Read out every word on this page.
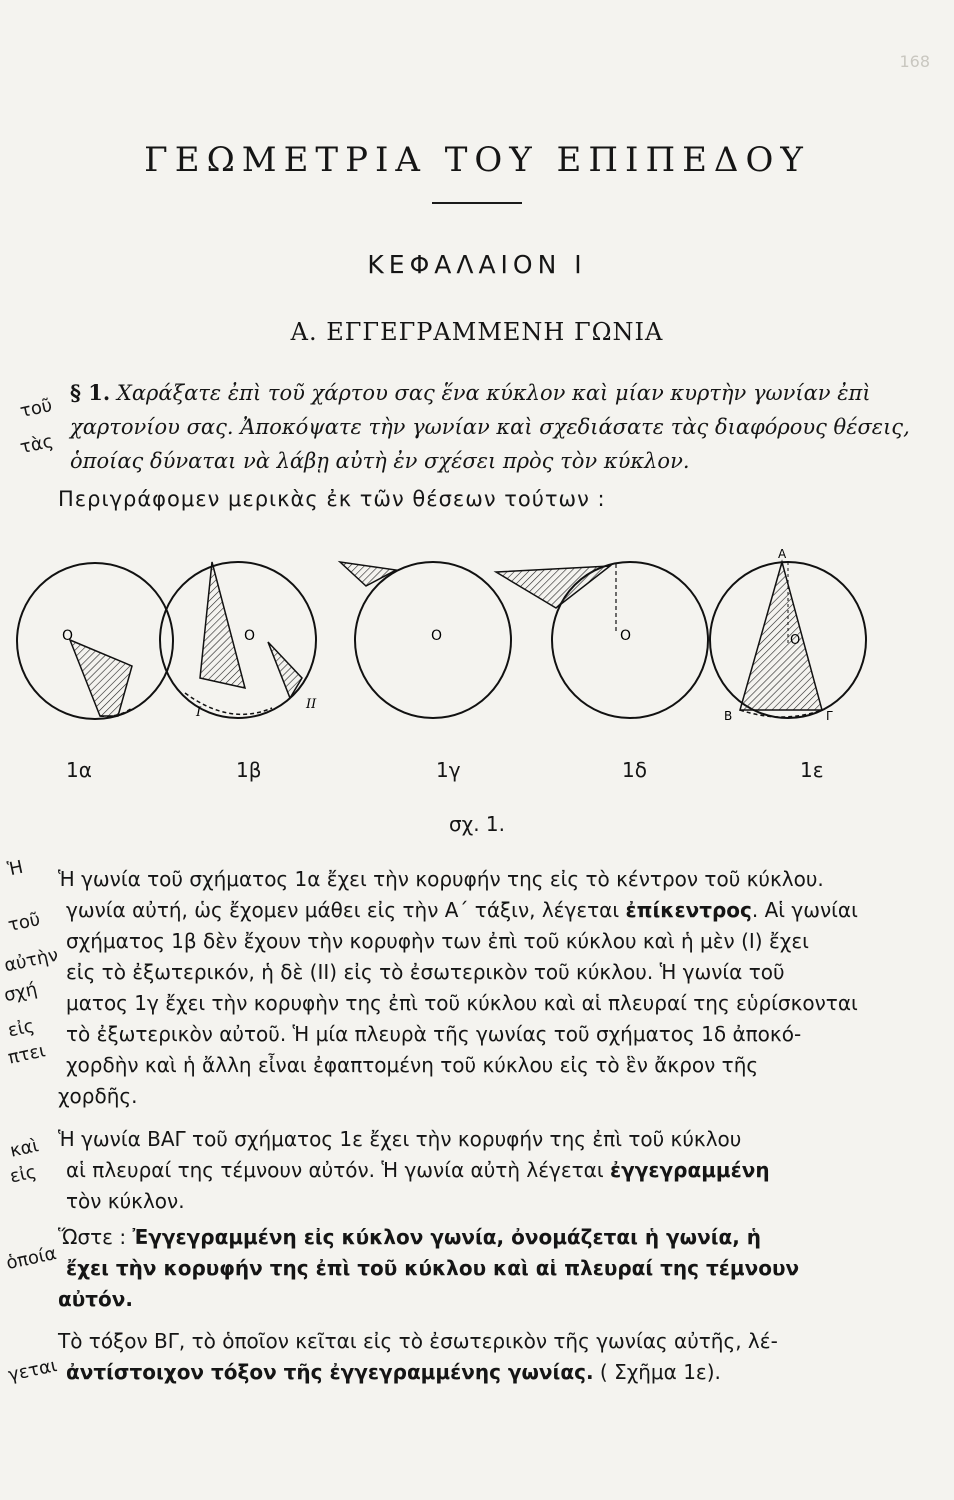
168
ΓΕΩΜΕΤΡΙΑ ΤΟΥ ΕΠΙΠΕΔΟΥ
ΚΕΦΑΛΑΙΟΝ Ι
Α. ΕΓΓΕΓΡΑΜΜΕΝΗ ΓΩΝΙΑ
§ 1. Χαράξατε ἐπὶ τοῦ χάρτου σας ἕνα κύκλον καὶ μίαν κυρτὴν γωνίαν ἐπὶ
χαρτονίου σας. Ἀποκόψατε τὴν γωνίαν καὶ σχεδιάσατε τὰς διαφόρους θέσεις,
ὁποίας δύναται νὰ λάβῃ αὐτὴ ἐν σχέσει πρὸς τὸν κύκλον.
τοῦ
τὰς
Περιγράφομεν μερικὰς ἐκ τῶν θέσεων τούτων :
Ο	Ο
Ι
ΙΙ
Ο	Ο
Α
Ο
Β	Γ
1α	1β	1γ	1δ	1ε
σχ. 1.
Ἡ γωνία τοῦ σχήματος 1α ἔχει τὴν κορυφήν της εἰς τὸ κέντρον τοῦ κύκλου.
γωνία αὐτή, ὡς ἔχομεν μάθει εἰς τὴν Α΄ τάξιν, λέγεται ἐπίκεντρος. Αἱ γωνίαι
σχήματος 1β δὲν ἔχουν τὴν κορυφὴν των ἐπὶ τοῦ κύκλου καὶ ἡ μὲν (Ι) ἔχει
εἰς τὸ ἐξωτερικόν, ἡ δὲ (ΙΙ) εἰς τὸ ἐσωτερικὸν τοῦ κύκλου. Ἡ γωνία τοῦ
ματος 1γ ἔχει τὴν κορυφὴν της ἐπὶ τοῦ κύκλου καὶ αἱ πλευραί της εὑρίσκονται
τὸ ἐξωτερικὸν αὐτοῦ. Ἡ μία πλευρὰ τῆς γωνίας τοῦ σχήματος 1δ ἀποκό-
χορδὴν καὶ ἡ ἄλλη εἶναι ἐφαπτομένη τοῦ κύκλου εἰς τὸ ἓν ἄκρον τῆς
χορδῆς.
Ἡ γωνία ΒΑΓ τοῦ σχήματος 1ε ἔχει τὴν κορυφήν της ἐπὶ τοῦ κύκλου
αἱ πλευραί της τέμνουν αὐτόν. Ἡ γωνία αὐτὴ λέγεται ἐγγεγραμμένη
τὸν κύκλον.
Ὥστε : Ἐγγεγραμμένη εἰς κύκλον γωνία, ὀνομάζεται ἡ γωνία, ἡ
ἔχει τὴν κορυφήν της ἐπὶ τοῦ κύκλου καὶ αἱ πλευραί της τέμνουν
αὐτόν.
Τὸ τόξον ΒΓ, τὸ ὁποῖον κεῖται εἰς τὸ ἐσωτερικὸν τῆς γωνίας αὐτῆς, λέ-
ἀντίστοιχον τόξον τῆς ἐγγεγραμμένης γωνίας. ( Σχῆμα 1ε).
Ἡ
τοῦ
αὐτὴν
σχή
εἰς
πτει
καὶ
εἰς
ὁποία
γεται
